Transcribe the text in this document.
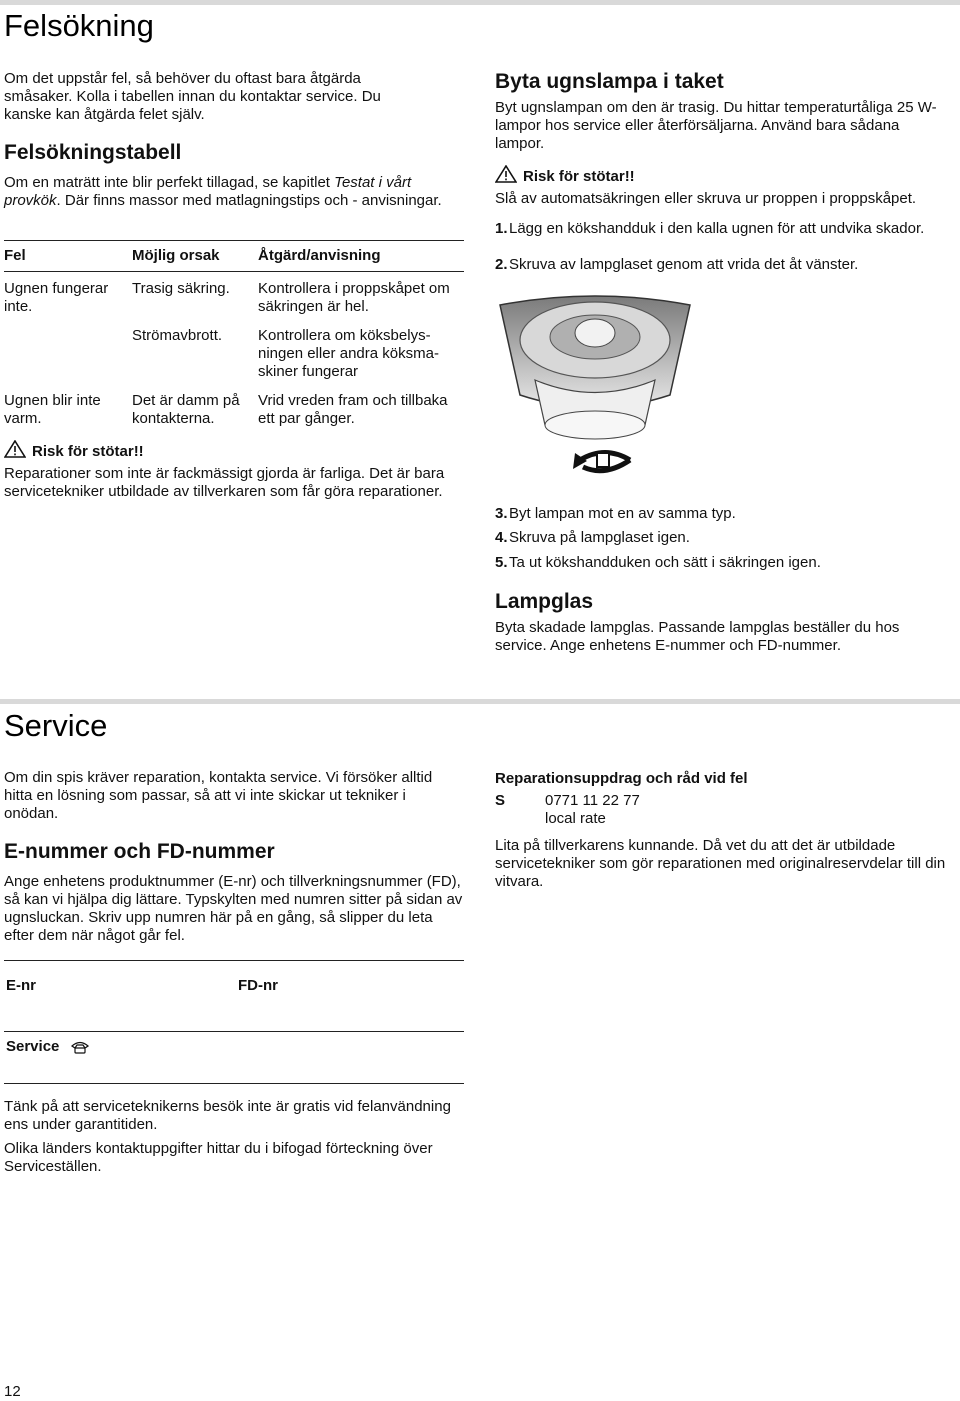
Felsökning

Om det uppstår fel, så behöver du oftast bara åtgärda småsaker. Kolla i tabellen innan du kontaktar service. Du kanske kan åtgärda felet själv.

Felsökningstabell

Om en maträtt inte blir perfekt tillagad, se kapitlet Testat i vårt provkök. Där finns massor med matlagningstips och - anvisningar.

Fel	Möjlig orsak	Åtgärd/anvisning
Ugnen fungerar inte.	Trasig säkring.	Kontrollera i proppskåpet om säkringen är hel.
	Strömavbrott.	Kontrollera om köksbelysningen eller andra köksmaskiner fungerar
Ugnen blir inte varm.	Det är damm på kontakterna.	Vrid vreden fram och tillbaka ett par gånger.
Risk för stötar!!

Reparationer som inte är fackmässigt gjorda är farliga. Det är bara servicetekniker utbildade av tillverkaren som får göra reparationer.

Byta ugnslampa i taket

Byt ugnslampan om den är trasig. Du hittar temperaturtåliga 25 W-lampor hos service eller återförsäljarna. Använd bara sådana lampor.

Risk för stötar!!

Slå av automatsäkringen eller skruva ur proppen i proppskåpet.

1. Lägg en kökshandduk i den kalla ugnen för att undvika skador.
2. Skruva av lampglaset genom att vrida det åt vänster.
3. Byt lampan mot en av samma typ.
4. Skruva på lampglaset igen.
5. Ta ut kökshandduken och sätt i säkringen igen.
Lampglas

Byta skadade lampglas. Passande lampglas beställer du hos service. Ange enhetens E-nummer och FD-nummer.

Service

Om din spis kräver reparation, kontakta service. Vi försöker alltid hitta en lösning som passar, så att vi inte skickar ut tekniker i onödan.

E-nummer och FD-nummer

Ange enhetens produktnummer (E-nr) och tillverkningsnummer (FD), så kan vi hjälpa dig lättare. Typskylten med numren sitter på sidan av ugnsluckan. Skriv upp numren här på en gång, så slipper du leta efter dem när något går fel.

E-nr	FD-nr
Service

Tänk på att serviceteknikerns besök inte är gratis vid felanvändning ens under garantitiden.

Olika länders kontaktuppgifter hittar du i bifogad förteckning över Serviceställen.

Reparationsuppdrag och råd vid fel
S	0771 11 22 77
local rate

Lita på tillverkarens kunnande. Då vet du att det är utbildade servicetekniker som gör reparationen med originalreservdelar till din vitvara.

12
